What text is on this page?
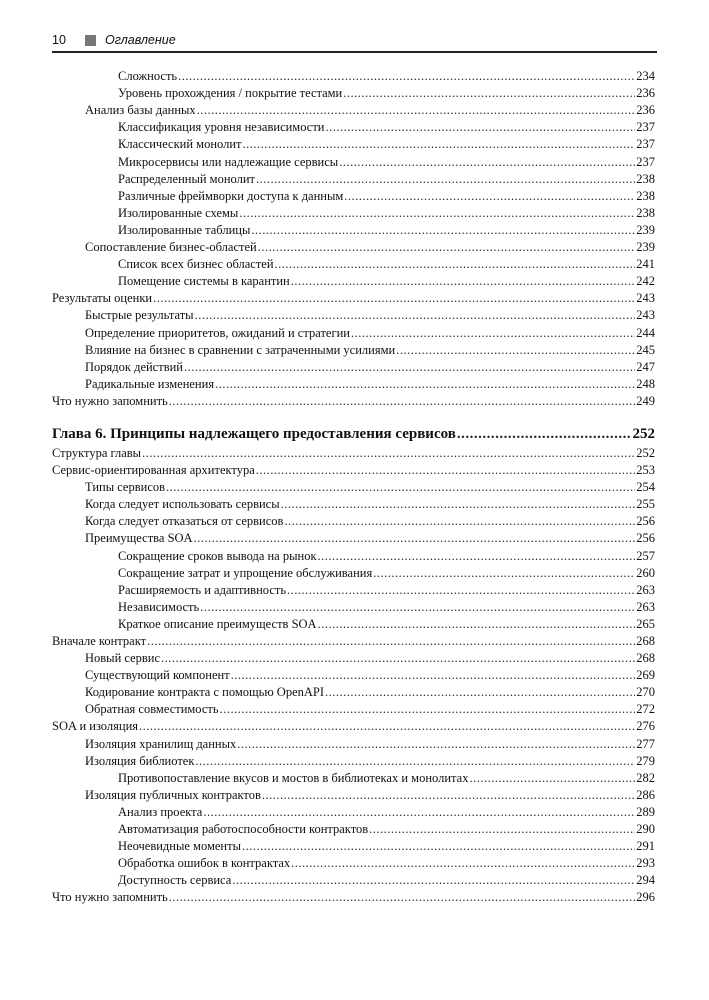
10	Оглавление
Сложность .....	234
Уровень прохождения / покрытие тестами .....	236
Анализ базы данных .....	236
Классификация уровня независимости .....	237
Классический монолит .....	237
Микросервисы или надлежащие сервисы .....	237
Распределенный монолит .....	238
Различные фреймворки доступа к данным .....	238
Изолированные схемы .....	238
Изолированные таблицы .....	239
Сопоставление бизнес-областей .....	239
Список всех бизнес областей .....	241
Помещение системы в карантин .....	242
Результаты оценки .....	243
Быстрые результаты .....	243
Определение приоритетов, ожиданий и стратегии .....	244
Влияние на бизнес в сравнении с затраченными усилиями .....	245
Порядок действий .....	247
Радикальные изменения .....	248
Что нужно запомнить .....	249
Глава 6. Принципы надлежащего предоставления сервисов .....	252
Структура главы .....	252
Сервис-ориентированная архитектура .....	253
Типы сервисов .....	254
Когда следует использовать сервисы .....	255
Когда следует отказаться от сервисов .....	256
Преимущества SOA .....	256
Сокращение сроков вывода на рынок .....	257
Сокращение затрат и упрощение обслуживания .....	260
Расширяемость и адаптивность .....	263
Независимость .....	263
Краткое описание преимуществ SOA .....	265
Вначале контракт .....	268
Новый сервис .....	268
Существующий компонент .....	269
Кодирование контракта с помощью OpenAPI .....	270
Обратная совместимость .....	272
SOA и изоляция .....	276
Изоляция хранилищ данных .....	277
Изоляция библиотек .....	279
Противопоставление вкусов и мостов в библиотеках и монолитах .....	282
Изоляция публичных контрактов .....	286
Анализ проекта .....	289
Автоматизация работоспособности контрактов .....	290
Неочевидные моменты .....	291
Обработка ошибок в контрактах .....	293
Доступность сервиса .....	294
Что нужно запомнить .....	296
